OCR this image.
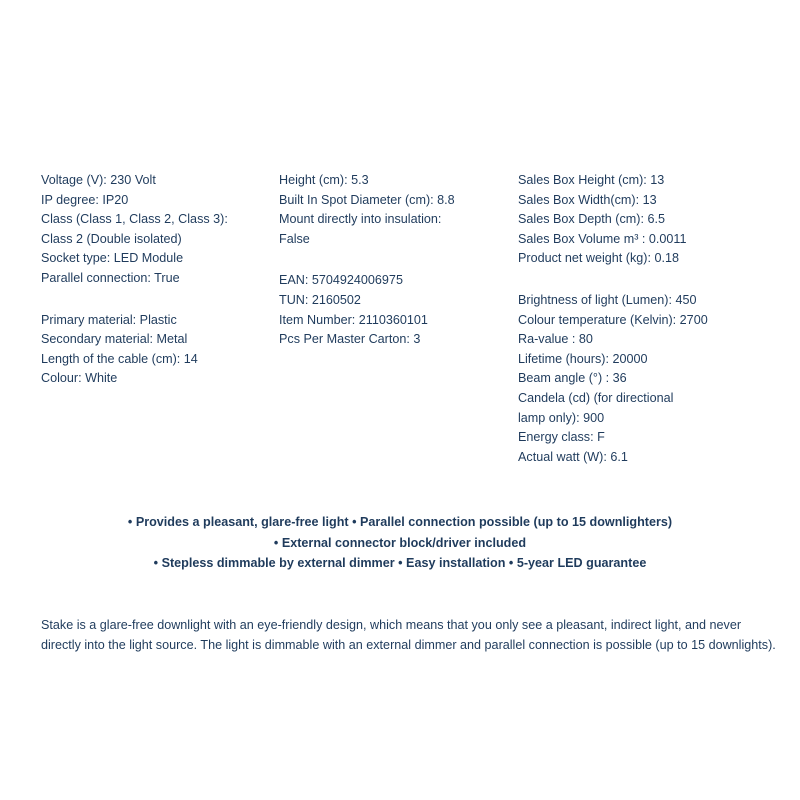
Voltage (V): 230 Volt
IP degree: IP20
Class (Class 1, Class 2, Class 3):
Class 2 (Double isolated)
Socket type: LED Module
Parallel connection: True
Primary material: Plastic
Secondary material: Metal
Length of the cable (cm): 14
Colour: White
Height (cm): 5.3
Built In Spot Diameter (cm): 8.8
Mount directly into insulation:
False
EAN: 5704924006975
TUN: 2160502
Item Number: 2110360101
Pcs Per Master Carton: 3
Sales Box Height (cm): 13
Sales Box Width(cm): 13
Sales Box Depth (cm): 6.5
Sales Box Volume m³ : 0.0011
Product net weight (kg): 0.18
Brightness of light (Lumen): 450
Colour temperature (Kelvin): 2700
Ra-value : 80
Lifetime (hours): 20000
Beam angle (°) : 36
Candela (cd) (for directional
lamp only): 900
Energy class: F
Actual watt (W): 6.1
• Provides a pleasant, glare-free light • Parallel connection possible (up to 15 downlighters)
• External connector block/driver included
• Stepless dimmable by external dimmer • Easy installation • 5-year LED guarantee

Stake is a glare-free downlight with an eye-friendly design, which means that you only see a pleasant, indirect light, and never directly into the light source. The light is dimmable with an external dimmer and parallel connection is possible (up to 15 downlights).
